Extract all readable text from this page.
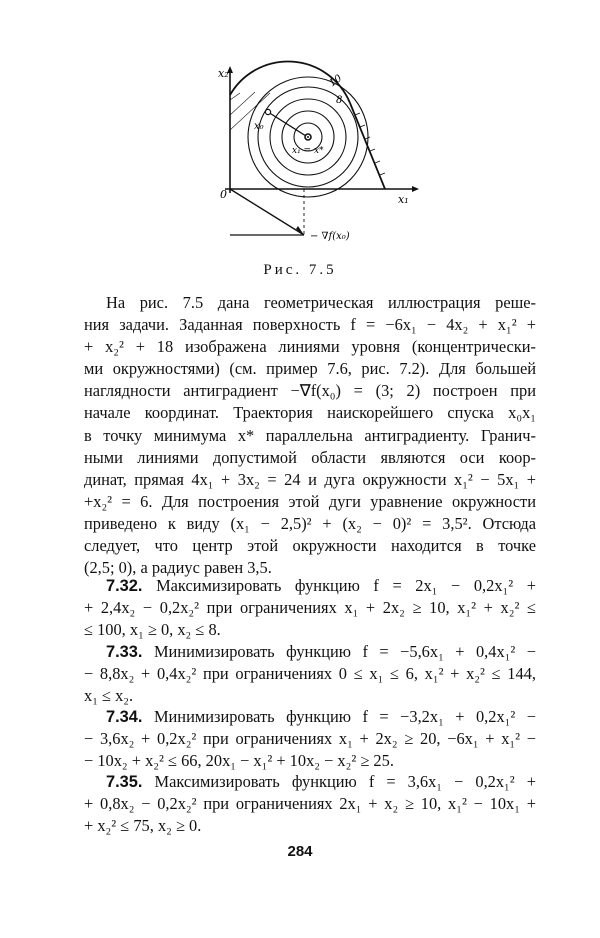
x₂
x₁
0
x₀
x₁ = x*
10
8
− ∇f(x₀)
Рис. 7.5
На рис. 7.5 дана геометрическая иллюстрация реше-
ния задачи. Заданная поверхность f = −6x₁ − 4x₂ + x₁² +
+ x₂² + 18 изображена линиями уровня (концентрически-
ми окружностями) (см. пример 7.6, рис. 7.2). Для большей
наглядности антиградиент −∇f(x₀) = (3; 2) построен при
начале координат. Траектория наискорейшего спуска x₀x₁
в точку минимума x* параллельна антиградиенту. Гранич-
ными линиями допустимой области являются оси коор-
динат, прямая 4x₁ + 3x₂ = 24 и дуга окружности x₁² − 5x₁ +
+x₂² = 6. Для построения этой дуги уравнение окружности
приведено к виду (x₁ − 2,5)² + (x₂ − 0)² = 3,5². Отсюда
следует, что центр этой окружности находится в точке
(2,5; 0), а радиус равен 3,5.
7.32. Максимизировать функцию f = 2x₁ − 0,2x₁² +
+ 2,4x₂ − 0,2x₂² при ограничениях x₁ + 2x₂ ≥ 10, x₁² + x₂² ≤
≤ 100, x₁ ≥ 0, x₂ ≤ 8.
7.33. Минимизировать функцию f = −5,6x₁ + 0,4x₁² −
− 8,8x₂ + 0,4x₂² при ограничениях 0 ≤ x₁ ≤ 6, x₁² + x₂² ≤ 144,
x₁ ≤ x₂.
7.34. Минимизировать функцию f = −3,2x₁ + 0,2x₁² −
− 3,6x₂ + 0,2x₂² при ограничениях x₁ + 2x₂ ≥ 20, −6x₁ + x₁² −
− 10x₂ + x₂² ≤ 66, 20x₁ − x₁² + 10x₂ − x₂² ≥ 25.
7.35. Максимизировать функцию f = 3,6x₁ − 0,2x₁² +
+ 0,8x₂ − 0,2x₂² при ограничениях 2x₁ + x₂ ≥ 10, x₁² − 10x₁ +
+ x₂² ≤ 75, x₂ ≥ 0.
284
